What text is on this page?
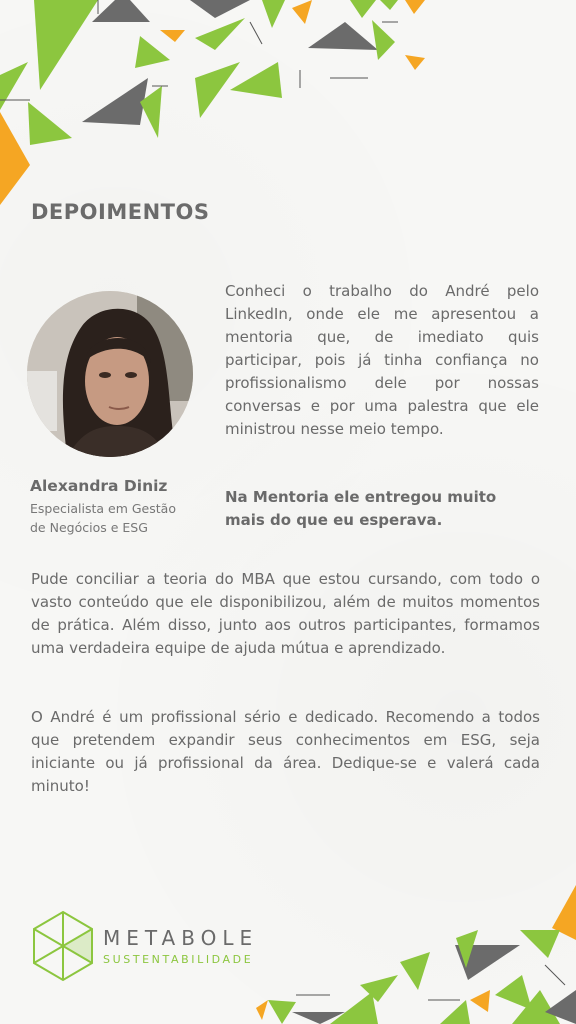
DEPOIMENTOS
Alexandra Diniz
Especialista em Gestão
de Negócios e ESG

Conheci o trabalho do André pelo LinkedIn, onde ele me apresentou a mentoria que, de imediato quis participar, pois já tinha confiança no profissionalismo dele por nossas conversas e por uma palestra que ele ministrou nesse meio tempo.

Na Mentoria ele entregou muito mais do que eu esperava.

Pude conciliar a teoria do MBA que estou cursando, com todo o vasto conteúdo que ele disponibilizou, além de muitos momentos de prática. Além disso, junto aos outros participantes, formamos uma verdadeira equipe de ajuda mútua e aprendizado.

O André é um profissional sério e dedicado. Recomendo a todos que pretendem expandir seus conhecimentos em ESG, seja iniciante ou já profissional da área. Dedique-se e valerá cada minuto!

METABOLE
SUSTENTABILIDADE
